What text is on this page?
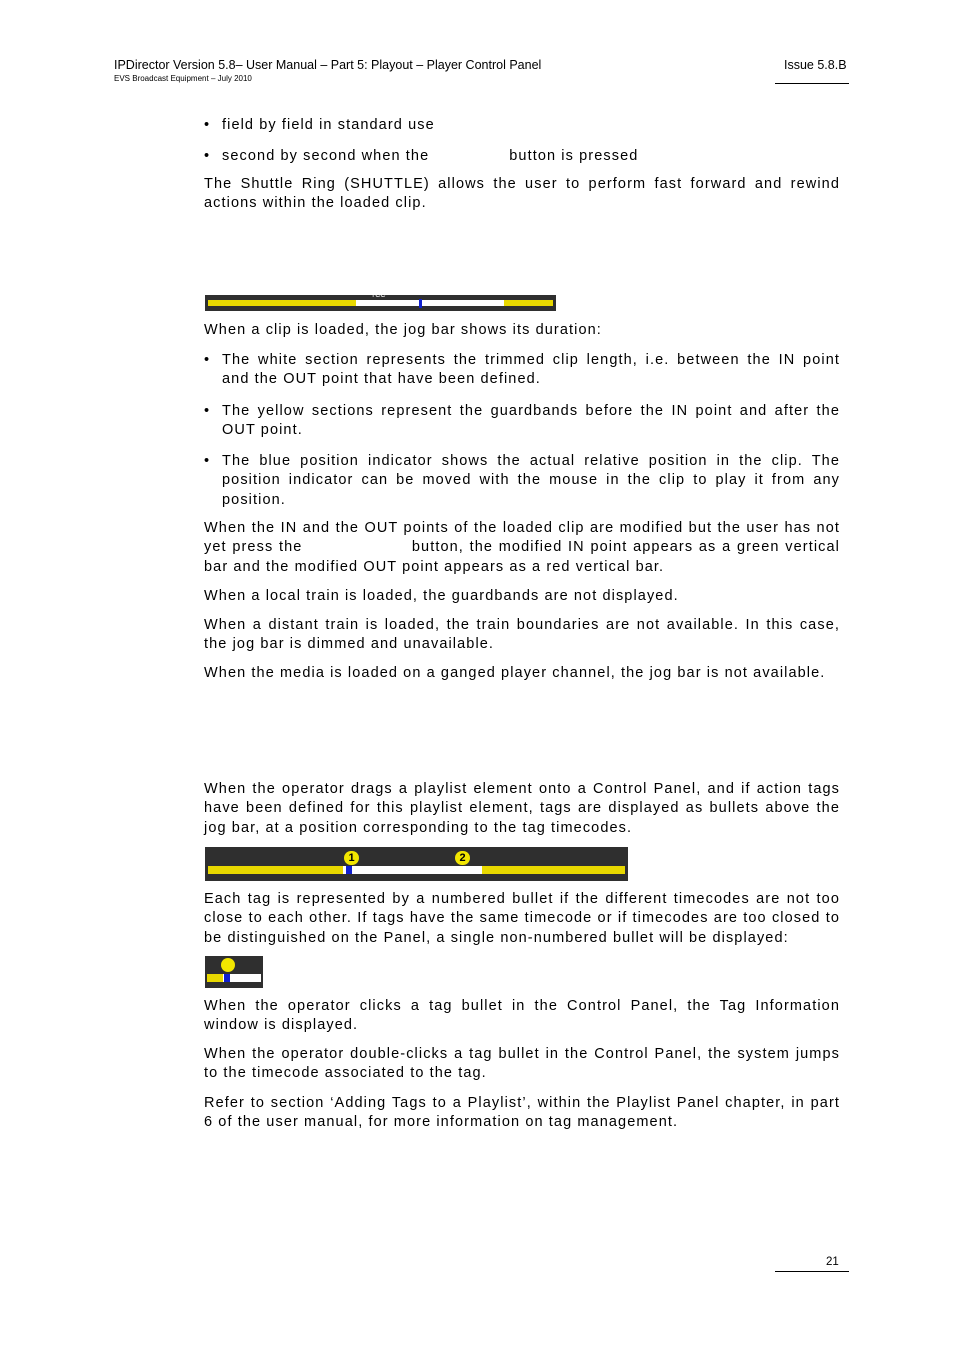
IPDirector Version 5.8– User Manual – Part 5: Playout – Player Control Panel
EVS Broadcast Equipment – July 2010
Issue 5.8.B
• field by field in standard use
• second by second when the	button is pressed
The Shuttle Ring (SHUTTLE) allows the user to perform fast forward and rewind actions within the loaded clip.
TCC
When a clip is loaded, the jog bar shows its duration:
• The white section represents the trimmed clip length, i.e. between the IN point and the OUT point that have been defined.
• The yellow sections represent the guardbands before the IN point and after the OUT point.
• The blue position indicator shows the actual relative position in the clip. The position indicator can be moved with the mouse in the clip to play it from any position.
When the IN and the OUT points of the loaded clip are modified but the user has not yet press the	button, the modified IN point appears as a green vertical bar and the modified OUT point appears as a red vertical bar.
When a local train is loaded, the guardbands are not displayed.
When a distant train is loaded, the train boundaries are not available. In this case, the jog bar is dimmed and unavailable.
When the media is loaded on a ganged player channel, the jog bar is not available.
When the operator drags a playlist element onto a Control Panel, and if action tags have been defined for this playlist element, tags are displayed as bullets above the jog bar, at a position corresponding to the tag timecodes.
1	2
Each tag is represented by a numbered bullet if the different timecodes are not too close to each other. If tags have the same timecode or if timecodes are too closed to be distinguished on the Panel, a single non-numbered bullet will be displayed:
When the operator clicks a tag bullet in the Control Panel, the Tag Information window is displayed.
When the operator double-clicks a tag bullet in the Control Panel, the system jumps to the timecode associated to the tag.
Refer to section ‘Adding Tags to a Playlist’, within the Playlist Panel chapter, in part 6 of the user manual, for more information on tag management.
21
